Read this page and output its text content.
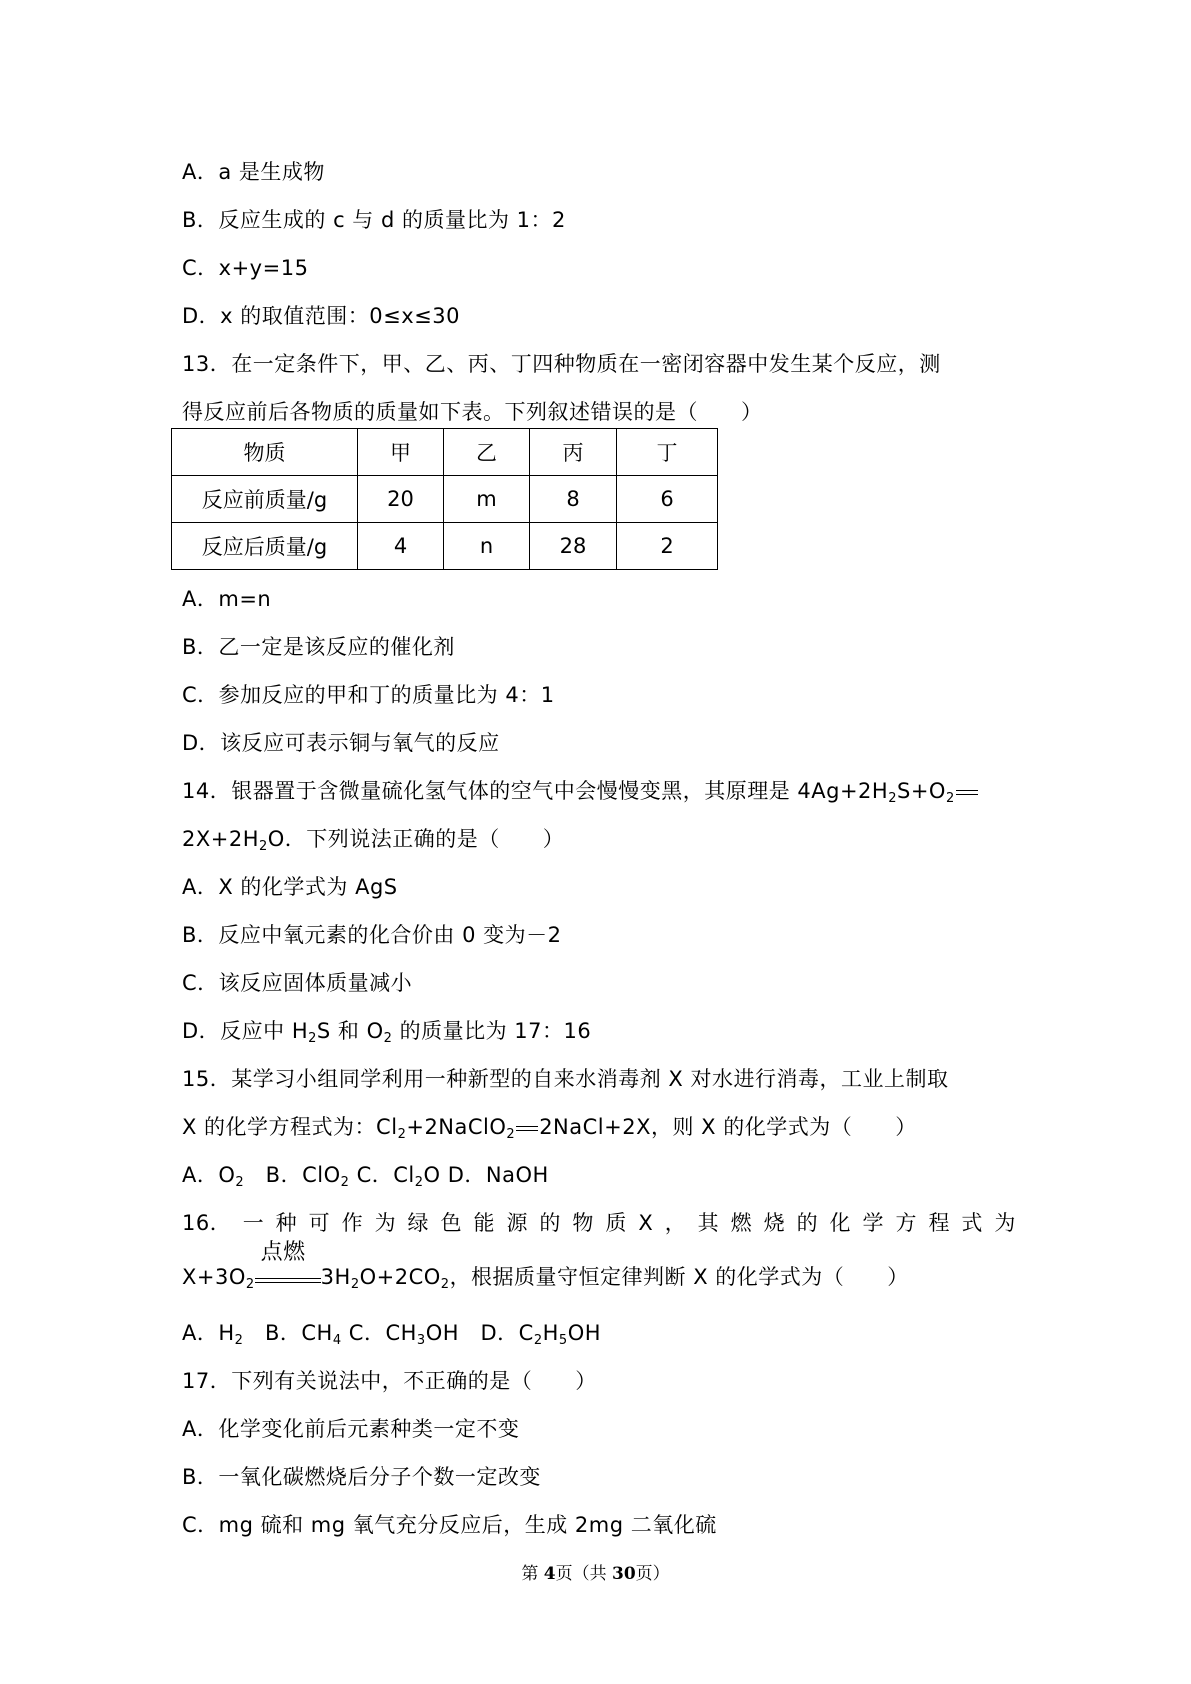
A．a 是生成物
B．反应生成的 c 与 d 的质量比为 1：2
C．x+y=15
D．x 的取值范围：0≤x≤30
13．在一定条件下，甲、乙、丙、丁四种物质在一密闭容器中发生某个反应，测
得反应前后各物质的质量如下表。下列叙述错误的是（　　）
物质	甲	乙	丙	丁
反应前质量/g	20	m	8	6
反应后质量/g	4	n	28	2
A．m=n
B．乙一定是该反应的催化剂
C．参加反应的甲和丁的质量比为 4：1
D．该反应可表示铜与氧气的反应
14．银器置于含微量硫化氢气体的空气中会慢慢变黑，其原理是 $4Ag+2H_2S+O_2$
$2X+2H_2O$．下列说法正确的是（　　）
A．X 的化学式为 AgS
B．反应中氧元素的化合价由 0 变为－2
C．该反应固体质量减小
D．反应中 $H_2S$ 和 $O_2$ 的质量比为 17：16
15．某学习小组同学利用一种新型的自来水消毒剂 X 对水进行消毒，工业上制取
X 的化学方程式为：$Cl_2+2NaClO_2$ 2NaCl+2X，则 X 的化学式为（　　）
A．$O_2$　B．ClO$_2$ C．$Cl_2O$ D．NaOH
16． 一 种 可 作 为 绿 色 能 源 的 物 质 X ， 其 燃 烧 的 化 学 方 程 式 为
$X+3O_2$
点燃
$3H_2O+2CO_2$，根据质量守恒定律判断 X 的化学式为（　　）
A．$H_2$　B．$CH_4$ C．$CH_3OH$　D．$C_2H_5OH$
17．下列有关说法中，不正确的是（　　）
A．化学变化前后元素种类一定不变
B．一氧化碳燃烧后分子个数一定改变
C．mg 硫和 mg 氧气充分反应后，生成 2mg 二氧化硫
第 4页（共 30页）
